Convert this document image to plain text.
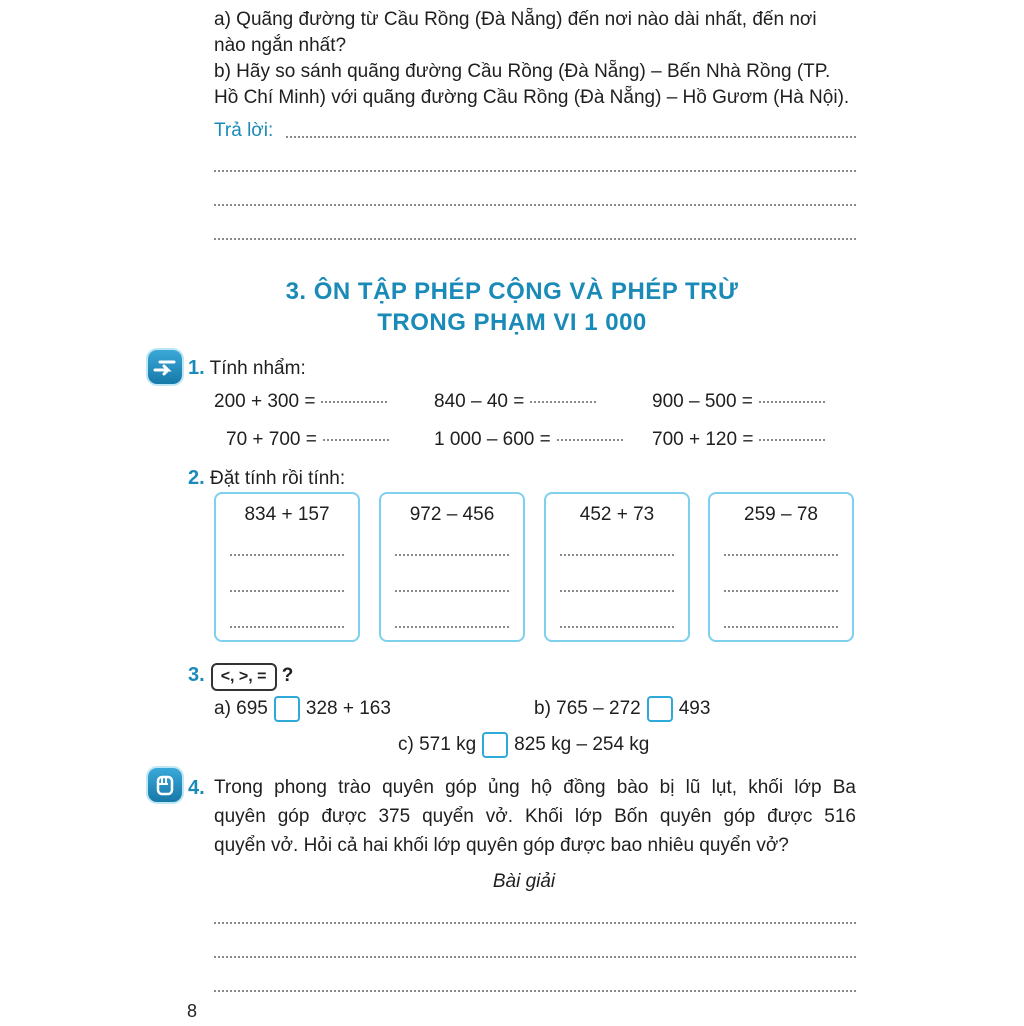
a) Quãng đường từ Cầu Rồng (Đà Nẵng) đến nơi nào dài nhất, đến nơi
nào ngắn nhất?
b) Hãy so sánh quãng đường Cầu Rồng (Đà Nẵng) – Bến Nhà Rồng (TP.
Hồ Chí Minh) với quãng đường Cầu Rồng (Đà Nẵng) – Hồ Gươm (Hà Nội).
Trả lời:
3. ÔN TẬP PHÉP CỘNG VÀ PHÉP TRỪ
TRONG PHẠM VI 1 000
1. Tính nhẩm:
200 + 300 =	840 – 40 =	900 – 500 =
70 + 700 =	1 000 – 600 =	700 + 120 =
2. Đặt tính rồi tính:
834 + 157	972 – 456	452 + 73	259 – 78
3. <, >, = ?
a) 695 328 + 163	b) 765 – 272 493
c) 571 kg 825 kg – 254 kg
4. Trong phong trào quyên góp ủng hộ đồng bào bị lũ lụt, khối lớp Ba
quyên góp được 375 quyển vở. Khối lớp Bốn quyên góp được 516
quyển vở. Hỏi cả hai khối lớp quyên góp được bao nhiêu quyển vở?
Bài giải
8
